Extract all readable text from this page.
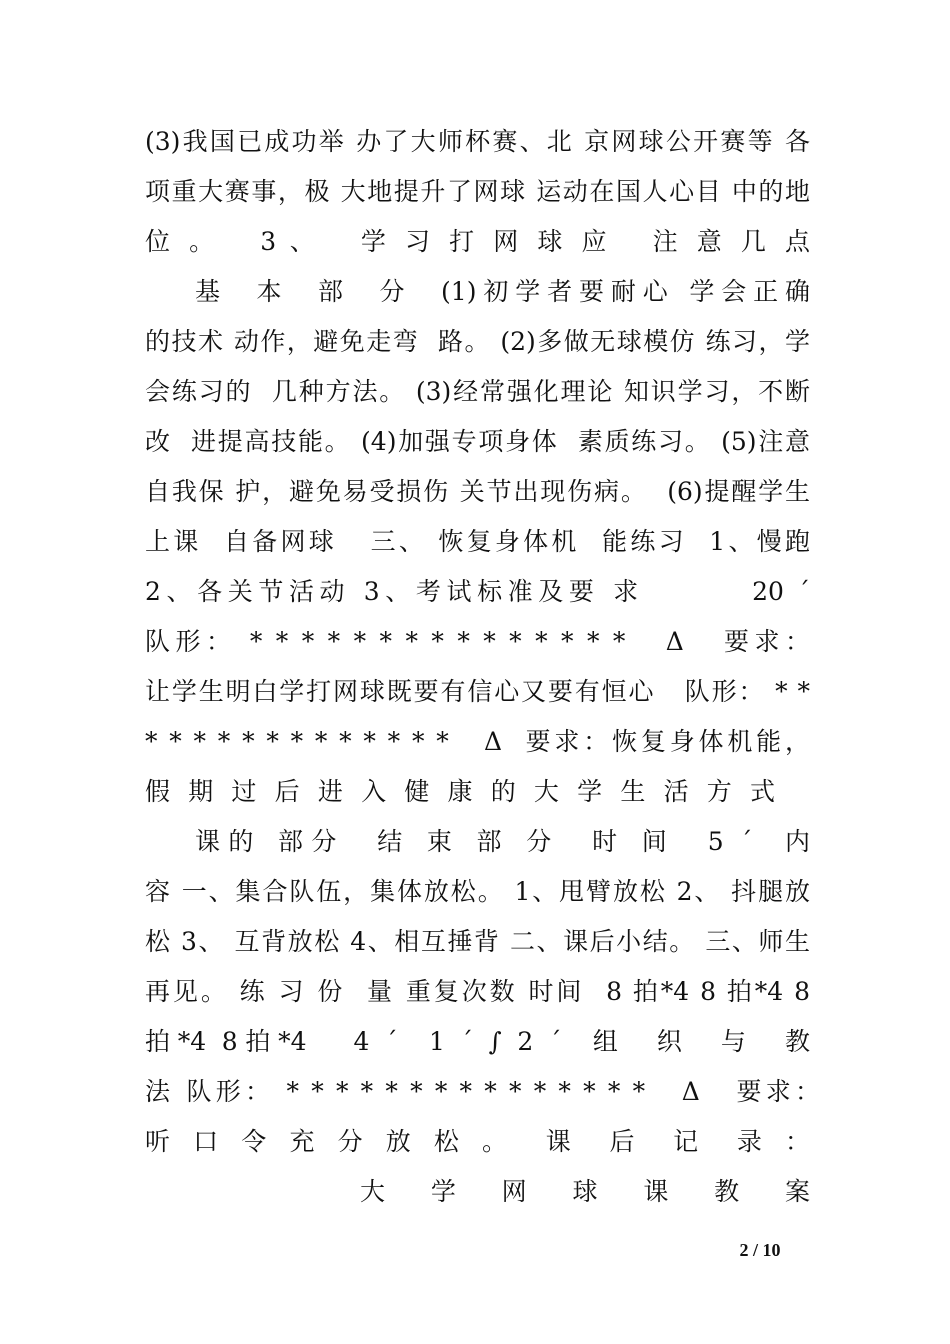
(3)我国已成功举 办了大师杯赛、北 京网球公开赛等 各
项重大赛事，极 大地提升了网球 运动在国人心目 中的地
位 。   3 、   学 习 打 网 球 应   注 意 几 点
基  本  部  分  (1)初学者要耐心 学会正确
的技术 动作，避免走弯  路。 (2)多做无球模仿 练习，学
会练习的  几种方法。 (3)经常强化理论 知识学习，不断
改  进提高技能。 (4)加强专项身体  素质练习。 (5)注意
自我保 护，避免易受损伤 关节出现伤病。  (6)提醒学生
上课  自备网球   三、 恢复身体机  能练习  1、慢跑
2、各关节活动 3、考试标准及要 求        20 ´
队形： * * * * * * * * * * * * * * *   Δ   要求：
让学生明白学打网球既要有信心又要有恒心   队形： * *
* * * * * * * * * * * * *   Δ  要求：恢复身体机能，
假 期 过 后 进 入 健 康 的 大 学 生 活 方 式
课的 部分  结 束 部 分  时 间  5 ´  内
容 一、集合队伍，集体放松。 1、甩臂放松 2、 抖腿放
松 3、 互背放松 4、相互捶背 二、课后小结。 三、师生
再见。 练 习 份  量 重复次数 时间  8 拍*4 8 拍*4 8
拍*4 8拍*4   4 ´  1 ´ ∫ 2 ´  组  织  与  教
法 队形： * * * * * * * * * * * * * * *   Δ   要求：
听 口 令 充 分 放 松 。  课  后  记  录 ：
大 学 网 球 课 教 案
2 / 10
